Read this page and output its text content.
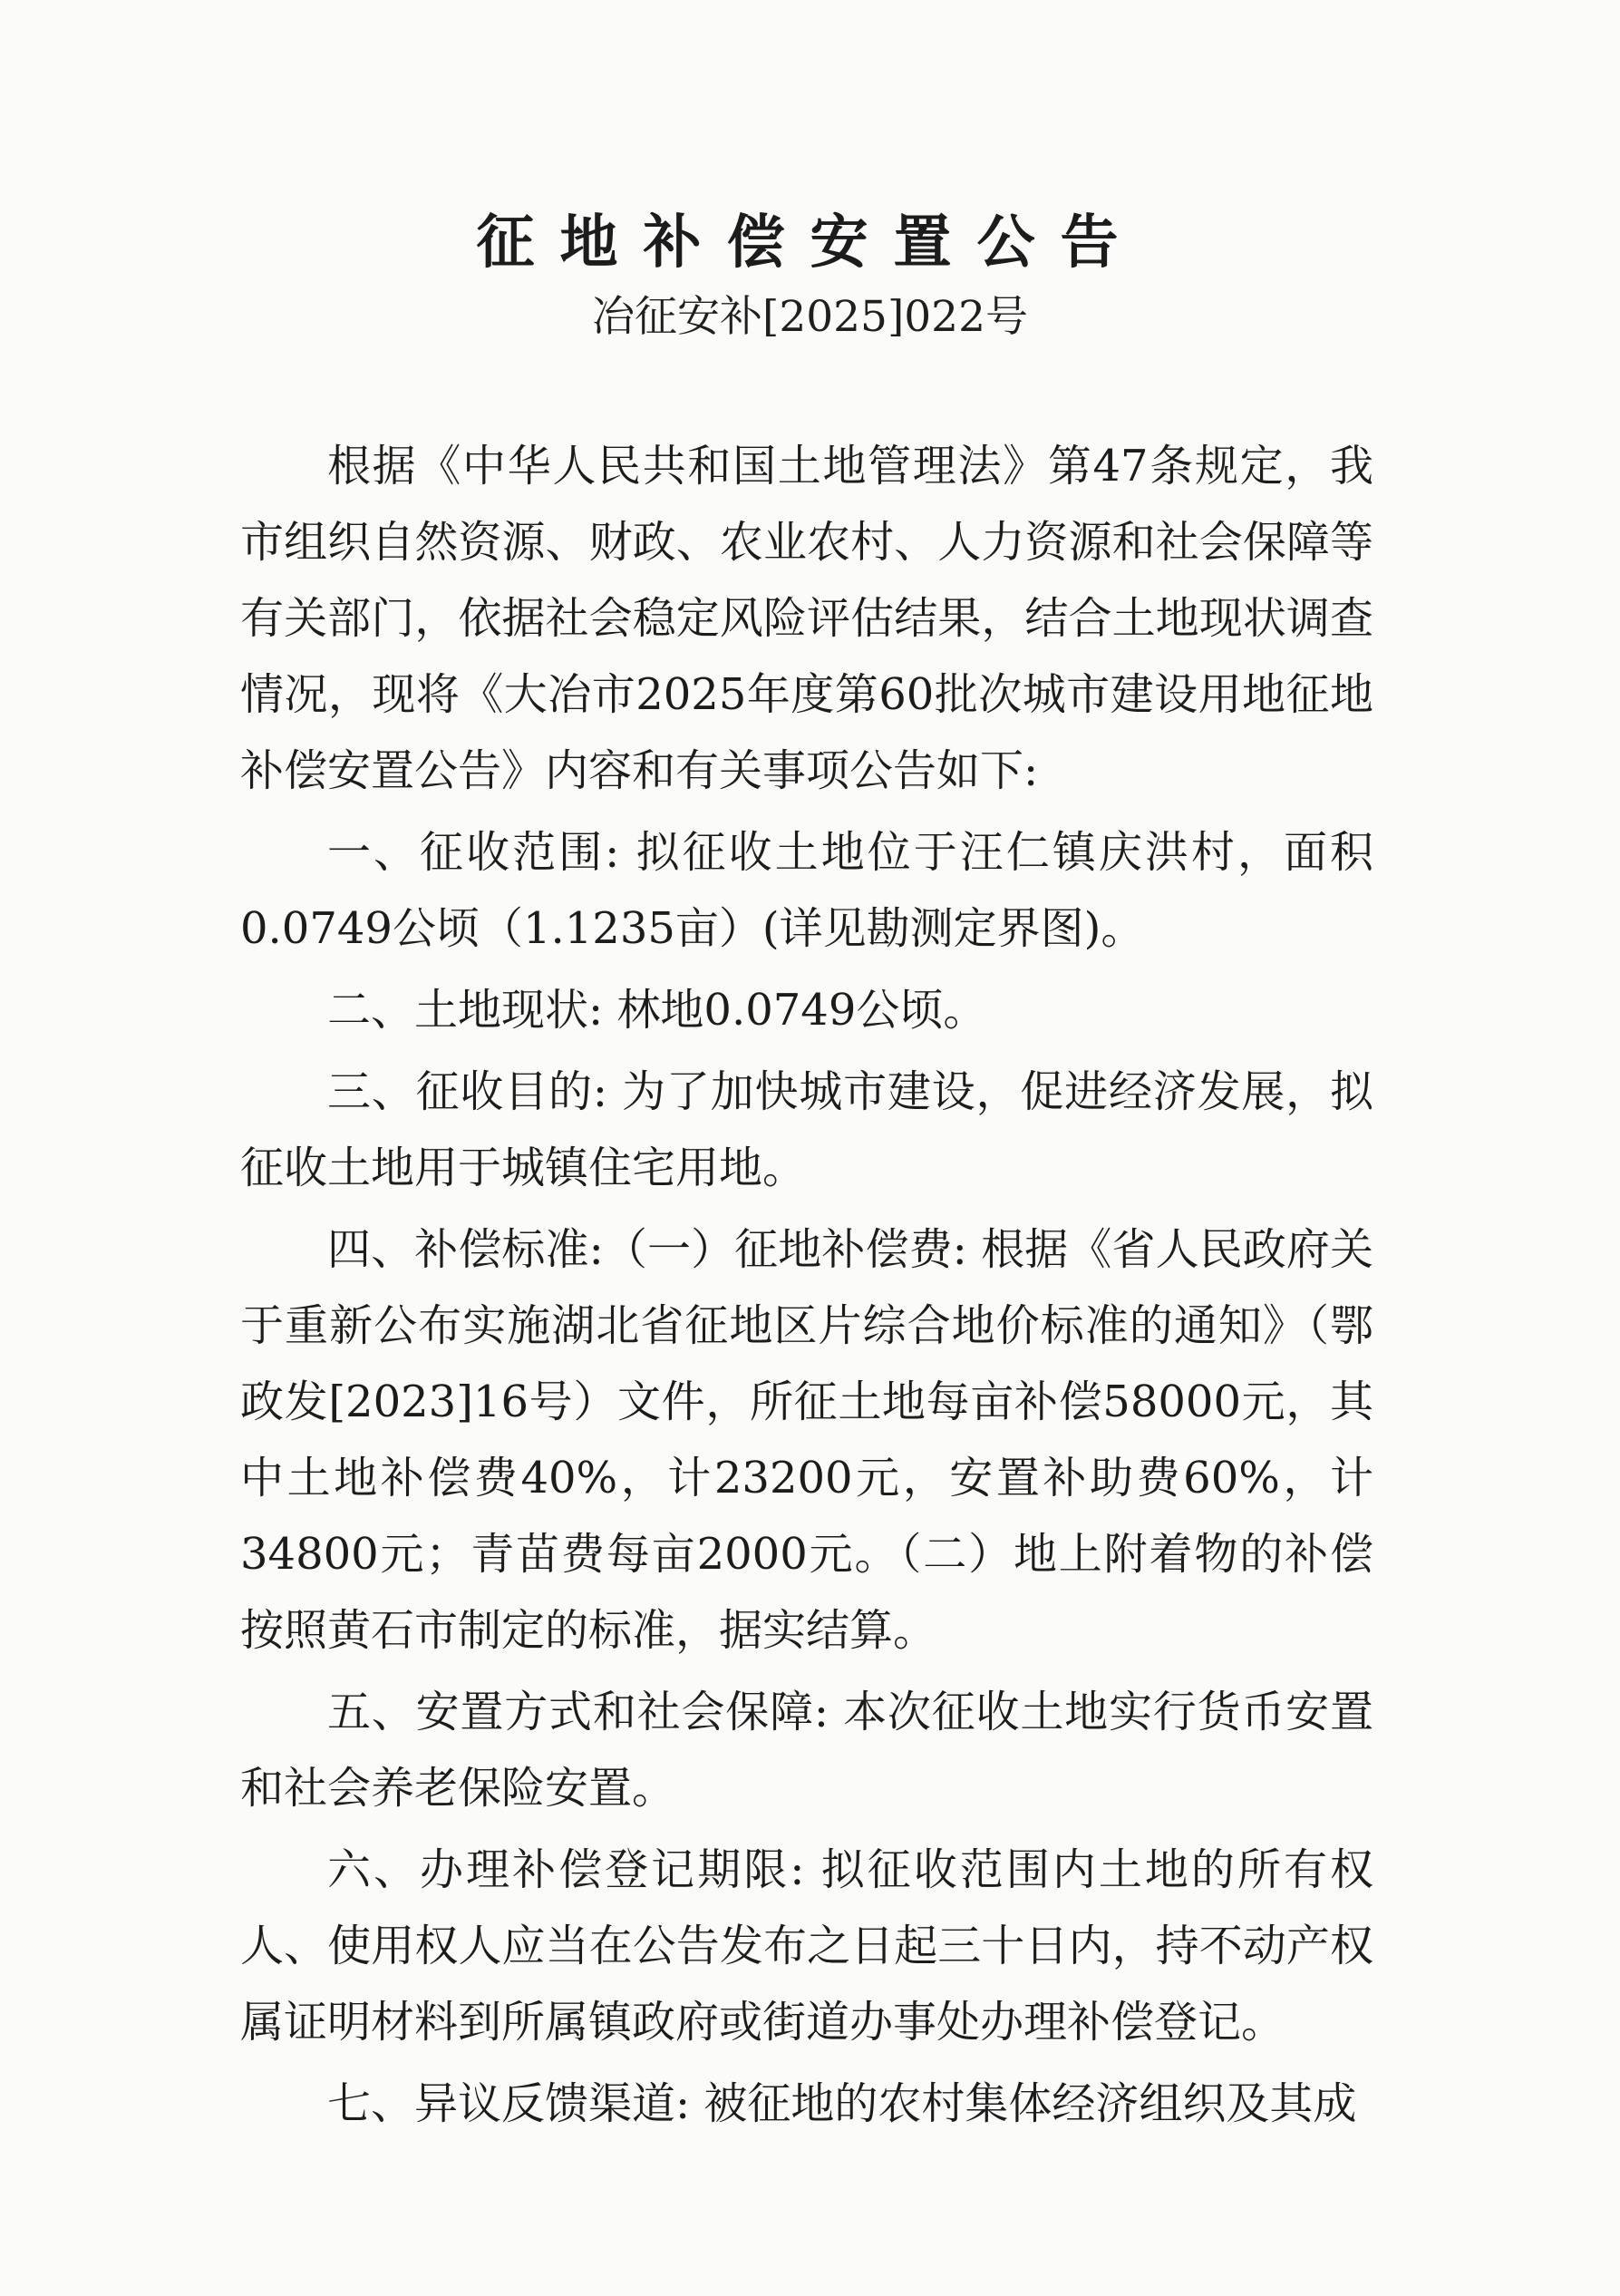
征地补偿安置公告
冶征安补[2025]022号

根据《中华人民共和国土地管理法》第47条规定，我市组织自然资源、财政、农业农村、人力资源和社会保障等有关部门，依据社会稳定风险评估结果，结合土地现状调查情况，现将《大冶市2025年度第60批次城市建设用地征地补偿安置公告》内容和有关事项公告如下:

一、征收范围: 拟征收土地位于汪仁镇庆洪村，面积0.0749公顷（1.1235亩）(详见勘测定界图)。

二、土地现状: 林地0.0749公顷。

三、征收目的: 为了加快城市建设，促进经济发展，拟征收土地用于城镇住宅用地。

四、补偿标准:（一）征地补偿费: 根据《省人民政府关于重新公布实施湖北省征地区片综合地价标准的通知》（鄂政发[2023]16号）文件，所征土地每亩补偿58000元，其中土地补偿费40%，计23200元，安置补助费60%，计34800元；青苗费每亩2000元。（二）地上附着物的补偿按照黄石市制定的标准，据实结算。

五、安置方式和社会保障: 本次征收土地实行货币安置和社会养老保险安置。

六、办理补偿登记期限: 拟征收范围内土地的所有权人、使用权人应当在公告发布之日起三十日内，持不动产权属证明材料到所属镇政府或街道办事处办理补偿登记。

七、异议反馈渠道: 被征地的农村集体经济组织及其成
